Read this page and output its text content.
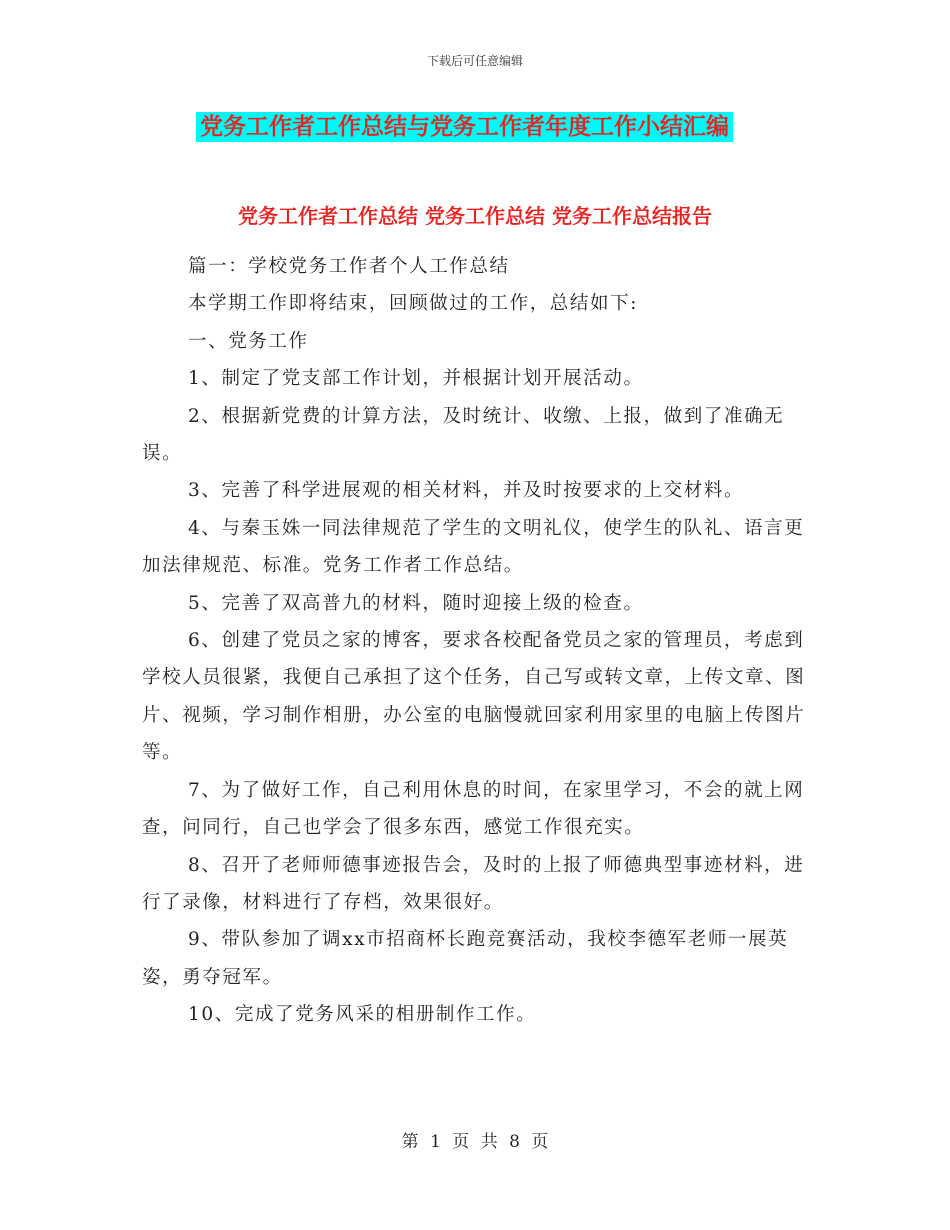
下载后可任意编辑
党务工作者工作总结与党务工作者年度工作小结汇编
党务工作者工作总结 党务工作总结 党务工作总结报告

篇一：学校党务工作者个人工作总结

本学期工作即将结束，回顾做过的工作，总结如下:

一、党务工作

1、制定了党支部工作计划，并根据计划开展活动。

2、根据新党费的计算方法，及时统计、收缴、上报，做到了准确无误。

3、完善了科学进展观的相关材料，并及时按要求的上交材料。

4、与秦玉姝一同法律规范了学生的文明礼仪，使学生的队礼、语言更加法律规范、标准。党务工作者工作总结。

5、完善了双高普九的材料，随时迎接上级的检查。

6、创建了党员之家的博客，要求各校配备党员之家的管理员，考虑到学校人员很紧，我便自己承担了这个任务，自己写或转文章，上传文章、图片、视频，学习制作相册，办公室的电脑慢就回家利用家里的电脑上传图片等。

7、为了做好工作，自己利用休息的时间，在家里学习，不会的就上网查，问同行，自己也学会了很多东西，感觉工作很充实。

8、召开了老师师德事迹报告会，及时的上报了师德典型事迹材料，进行了录像，材料进行了存档，效果很好。

9、带队参加了调xx市招商杯长跑竞赛活动，我校李德军老师一展英姿，勇夺冠军。

10、完成了党务风采的相册制作工作。

第 1 页 共 8 页
